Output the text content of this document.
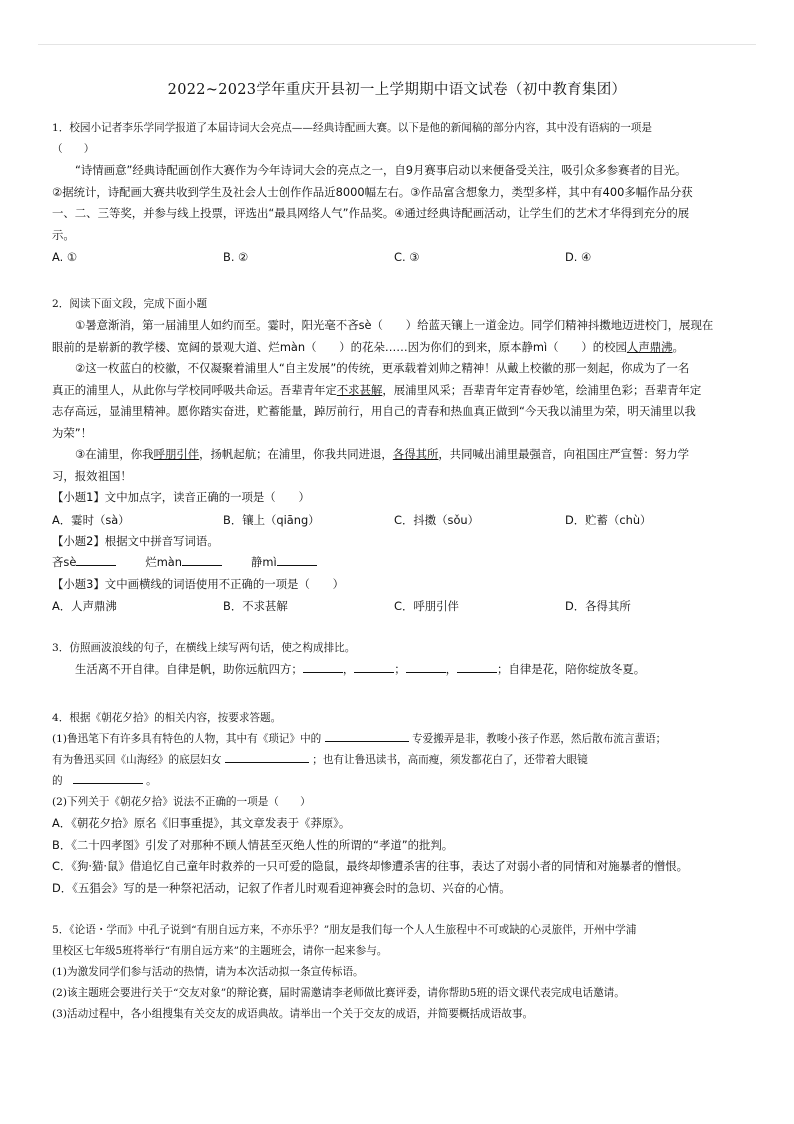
2022~2023学年重庆开县初一上学期期中语文试卷（初中教育集团）

1．校园小记者李乐学同学报道了本届诗词大会亮点——经典诗配画大赛。以下是他的新闻稿的部分内容，其中没有语病的一项是

（　　）

“诗情画意”经典诗配画创作大赛作为今年诗词大会的亮点之一，自9月赛事启动以来便备受关注，吸引众多参赛者的目光。

②据统计，诗配画大赛共收到学生及社会人士创作作品近8000幅左右。③作品富含想象力，类型多样，其中有400多幅作品分获

一、二、三等奖，并参与线上投票，评选出“最具网络人气”作品奖。④通过经典诗配画活动，让学生们的艺术才华得到充分的展

示。

A. ①	B. ②	C. ③	D. ④

2．阅读下面文段，完成下面小题

①暑意渐消，第一届浦里人如约而至。霎时，阳光毫不吝sè（　　）给蓝天镶上一道金边。同学们精神抖擞地迈进校门，展现在

眼前的是崭新的教学楼、宽阔的景观大道、烂màn（　　）的花朵……因为你们的到来，原本静mì（　　）的校园人声鼎沸。

②这一枚蓝白的校徽，不仅凝聚着浦里人“自主发展”的传统，更承载着刘帅之精神！从戴上校徽的那一刻起，你成为了一名

真正的浦里人，从此你与学校同呼吸共命运。吾辈青年定不求甚解，展浦里风采；吾辈青年定青春妙笔，绘浦里色彩；吾辈青年定

志存高远，显浦里精神。愿你踏实奋进，贮蓄能量，踔厉前行，用自己的青春和热血真正做到“今天我以浦里为荣，明天浦里以我

为荣”！

③在浦里，你我呼朋引伴，扬帆起航；在浦里，你我共同进退，各得其所，共同喊出浦里最强音，向祖国庄严宣誓：努力学

习，报效祖国！

【小题1】文中加点字，读音正确的一项是（　　）

A．霎时（sà）	B．镶上（qiāng）	C．抖擞（sǒu）	D．贮蓄（chù）

【小题2】根据文中拼音写词语。

吝sè	烂màn	静mì

【小题3】文中画横线的词语使用不正确的一项是（　　）

A．人声鼎沸	B．不求甚解	C．呼朋引伴	D．各得其所

3．仿照画波浪线的句子，在横线上续写两句话，使之构成排比。

生活离不开自律。自律是帆，助你远航四方；	，	；	，	；自律是花，陪你绽放冬夏。

4．根据《朝花夕拾》的相关内容，按要求答题。

(1)鲁迅笔下有许多具有特色的人物，其中有《琐记》中的	专爱搬弄是非，教唆小孩子作恶，然后散布流言蜚语；

有为鲁迅买回《山海经》的底层妇女	；也有让鲁迅读书，高而瘦，须发都花白了，还带着大眼镜

的	。

(2)下列关于《朝花夕拾》说法不正确的一项是（　　）

A．《朝花夕拾》原名《旧事重提》，其文章发表于《莽原》。

B．《二十四孝图》引发了对那种不顾人情甚至灭绝人性的所谓的“孝道”的批判。

C．《狗·猫·鼠》借追忆自己童年时救养的一只可爱的隐鼠，最终却惨遭杀害的往事，表达了对弱小者的同情和对施暴者的憎恨。

D．《五猖会》写的是一种祭祀活动，记叙了作者儿时观看迎神赛会时的急切、兴奋的心情。

5．《论语・学而》中孔子说到“有朋自远方来，不亦乐乎？”朋友是我们每一个人人生旅程中不可或缺的心灵旅伴，开州中学浦

里校区七年级5班将举行“有朋自远方来”的主题班会，请你一起来参与。

(1)为激发同学们参与活动的热情，请为本次活动拟一条宣传标语。

(2)该主题班会要进行关于“交友对象”的辩论赛，届时需邀请李老师做比赛评委，请你帮助5班的语文课代表完成电话邀请。

(3)活动过程中，各小组搜集有关交友的成语典故。请举出一个关于交友的成语，并简要概括成语故事。
